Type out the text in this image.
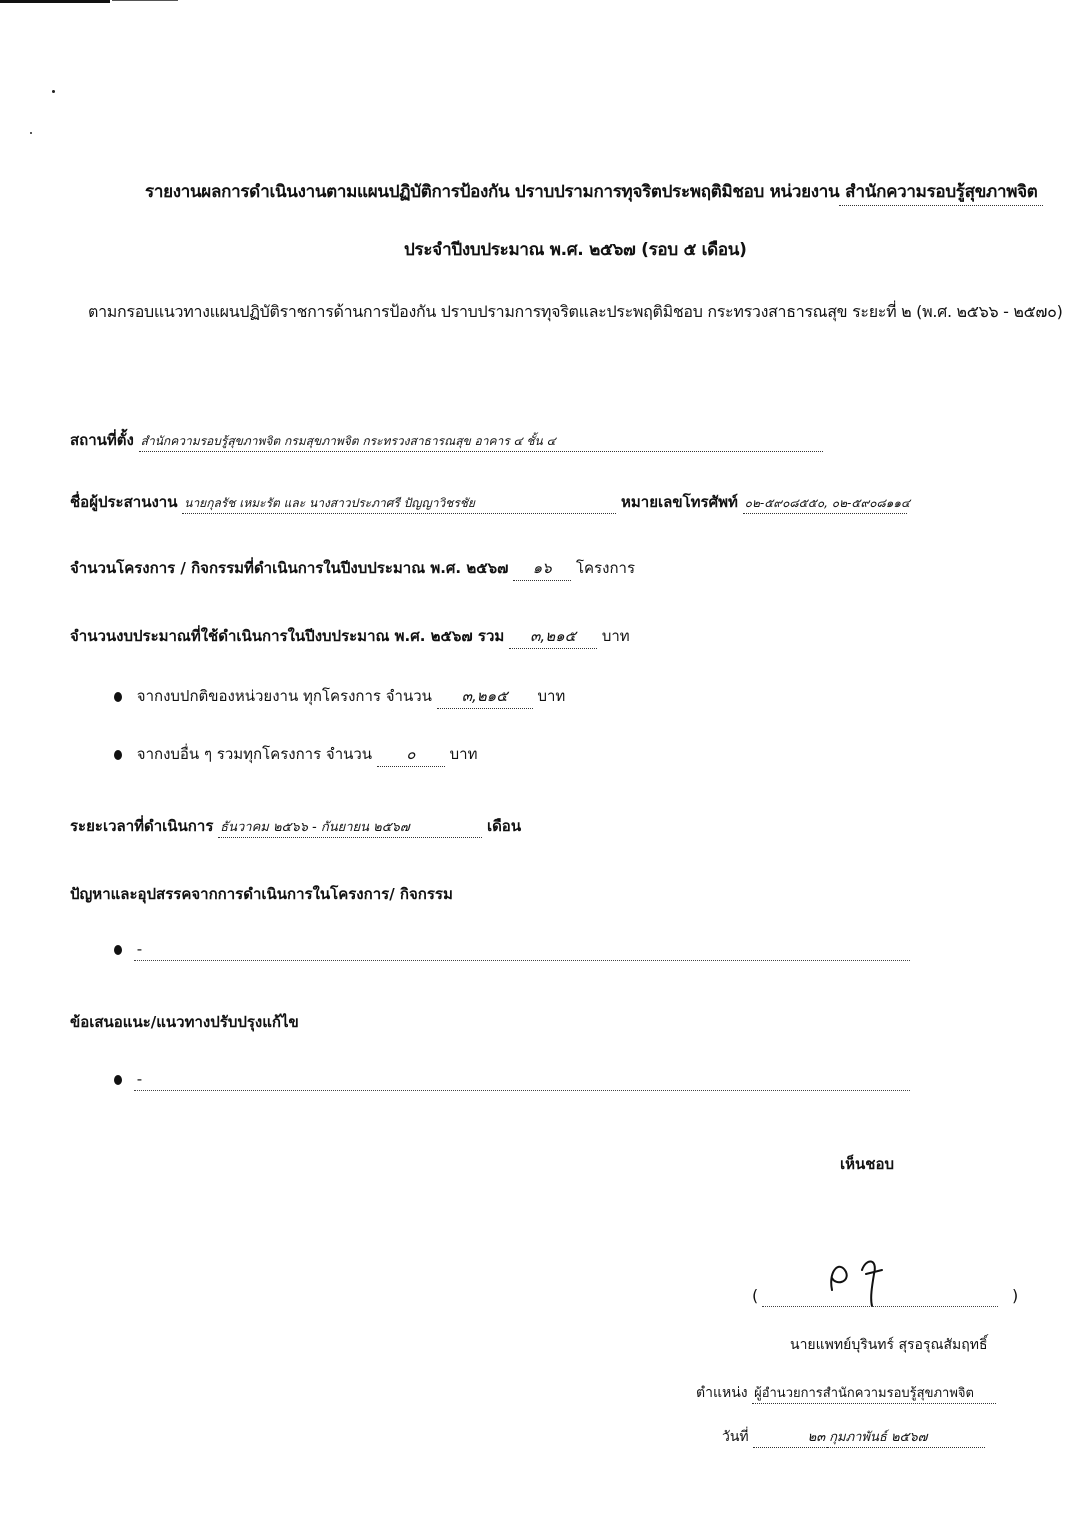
รายงานผลการดำเนินงานตามแผนปฏิบัติการป้องกัน ปราบปรามการทุจริตประพฤติมิชอบ หน่วยงาน สำนักความรอบรู้สุขภาพจิต
ประจำปีงบประมาณ พ.ศ. ๒๕๖๗ (รอบ ๕ เดือน)
ตามกรอบแนวทางแผนปฏิบัติราชการด้านการป้องกัน ปราบปรามการทุจริตและประพฤติมิชอบ กระทรวงสาธารณสุข ระยะที่ ๒ (พ.ศ. ๒๕๖๖ - ๒๕๗๐)
สถานที่ตั้ง สำนักความรอบรู้สุขภาพจิต กรมสุขภาพจิต กระทรวงสาธารณสุข อาคาร ๔ ชั้น ๔
ชื่อผู้ประสานงาน นายกุลรัช เหมะรัต และ นางสาวประภาศรี ปัญญาวิชรชัย	หมายเลขโทรศัพท์ ๐๒-๕๙๐๘๕๕๐, ๐๒-๕๙๐๘๑๑๔
จำนวนโครงการ / กิจกรรมที่ดำเนินการในปีงบประมาณ พ.ศ. ๒๕๖๗ ๑๖ โครงการ
จำนวนงบประมาณที่ใช้ดำเนินการในปีงบประมาณ พ.ศ. ๒๕๖๗ รวม ๓,๒๑๕ บาท
จากงบปกติของหน่วยงาน ทุกโครงการ จำนวน ๓,๒๑๕ บาท
จากงบอื่น ๆ รวมทุกโครงการ จำนวน ๐ บาท
ระยะเวลาที่ดำเนินการ ธันวาคม ๒๕๖๖ - กันยายน ๒๕๖๗	เดือน
ปัญหาและอุปสรรคจากการดำเนินการในโครงการ/ กิจกรรม
-
ข้อเสนอแนะ/แนวทางปรับปรุงแก้ไข
-
เห็นชอบ
(	)
นายแพทย์บุรินทร์ สุรอรุณสัมฤทธิ์
ตำแหน่ง ผู้อำนวยการสำนักความรอบรู้สุขภาพจิต
วันที่	๒๓ กุมภาพันธ์ ๒๕๖๗
